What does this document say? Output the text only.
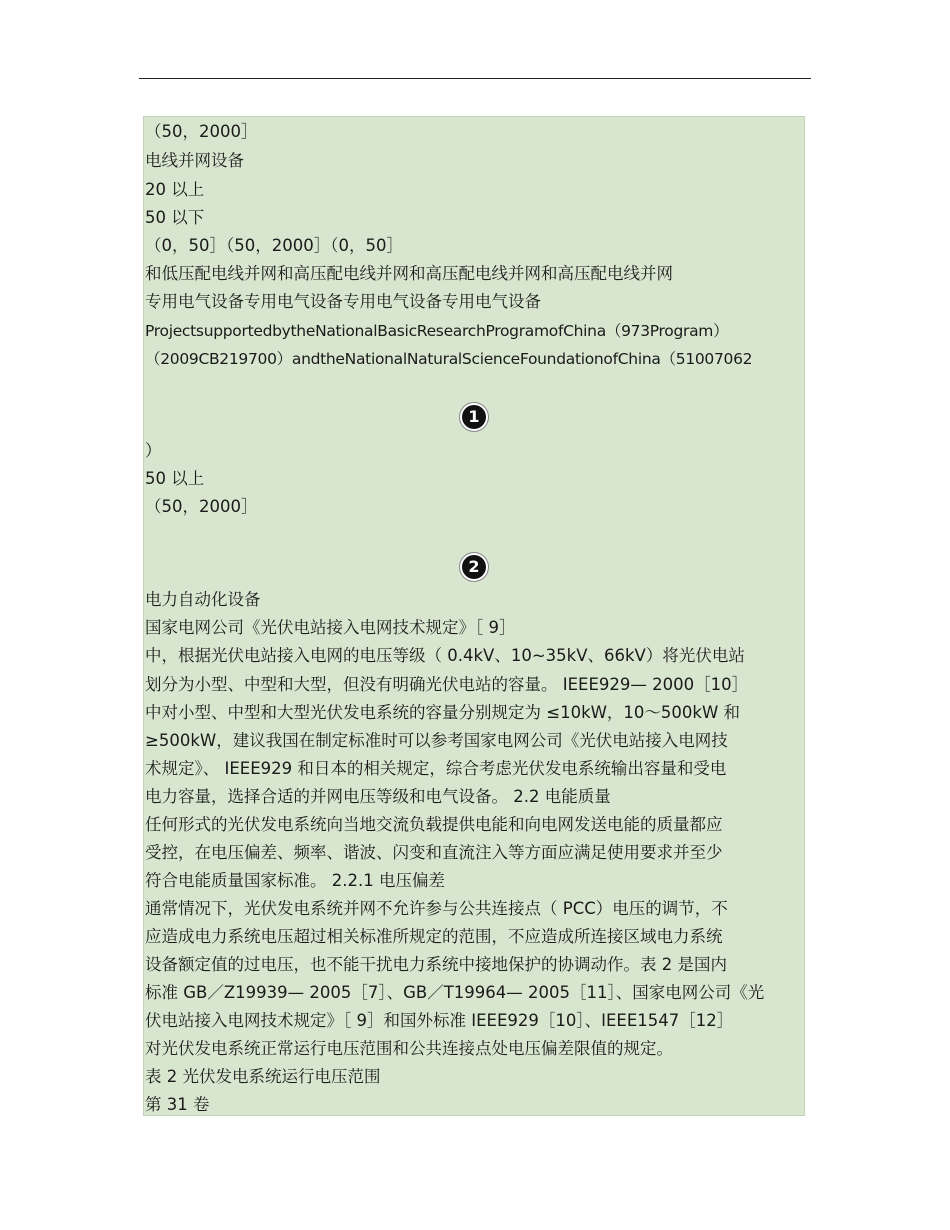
（50，2000］
电线并网设备
20 以上
50 以下
（0，50］（50，2000］（0，50］
和低压配电线并网和高压配电线并网和高压配电线并网和高压配电线并网
专用电气设备专用电气设备专用电气设备专用电气设备
ProjectsupportedbytheNationalBasicResearchProgramofChina（973Program）
（2009CB219700）andtheNationalNaturalScienceFoundationofChina（51007062
1
）
50 以上
（50，2000］
2
电力自动化设备
国家电网公司《光伏电站接入电网技术规定》［ 9］
中，根据光伏电站接入电网的电压等级（ 0.4kV、10~35kV、66kV）将光伏电站
划分为小型、中型和大型，但没有明确光伏电站的容量。 IEEE929— 2000［10］
中对小型、中型和大型光伏发电系统的容量分别规定为 ≤10kW，10～500kW 和
≥500kW，建议我国在制定标准时可以参考国家电网公司《光伏电站接入电网技
术规定》、 IEEE929 和日本的相关规定，综合考虑光伏发电系统输出容量和受电
电力容量，选择合适的并网电压等级和电气设备。 2.2 电能质量
任何形式的光伏发电系统向当地交流负载提供电能和向电网发送电能的质量都应
受控，在电压偏差、频率、谐波、闪变和直流注入等方面应满足使用要求并至少
符合电能质量国家标准。 2.2.1 电压偏差
通常情况下，光伏发电系统并网不允许参与公共连接点（ PCC）电压的调节，不
应造成电力系统电压超过相关标准所规定的范围，不应造成所连接区域电力系统
设备额定值的过电压，也不能干扰电力系统中接地保护的协调动作。表 2 是国内
标准 GB／Z19939— 2005［7］、GB／T19964— 2005［11］、国家电网公司《光
伏电站接入电网技术规定》［ 9］和国外标准 IEEE929［10］、IEEE1547［12］
对光伏发电系统正常运行电压范围和公共连接点处电压偏差限值的规定。
表 2 光伏发电系统运行电压范围
第 31 卷
